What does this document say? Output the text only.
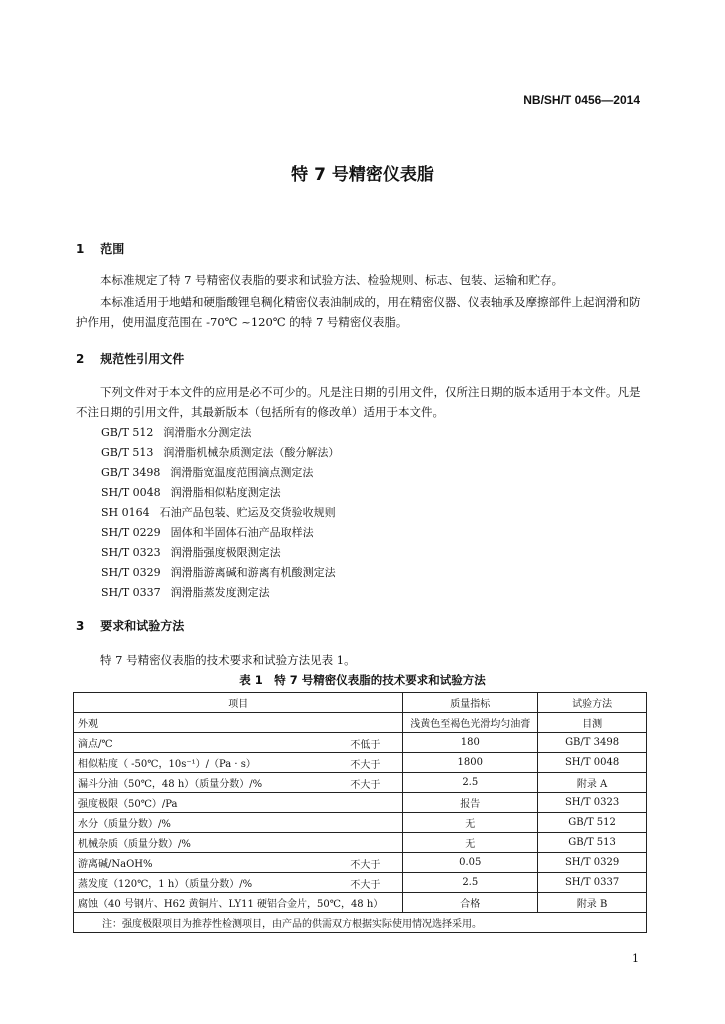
NB/SH/T 0456—2014
特 7 号精密仪表脂
1 范围
本标准规定了特 7 号精密仪表脂的要求和试验方法、检验规则、标志、包装、运输和贮存。
本标准适用于地蜡和硬脂酸锂皂稠化精密仪表油制成的，用在精密仪器、仪表轴承及摩擦部件上起润滑和防护作用，使用温度范围在 -70℃ ~120℃ 的特 7 号精密仪表脂。
2 规范性引用文件
下列文件对于本文件的应用是必不可少的。凡是注日期的引用文件，仅所注日期的版本适用于本文件。凡是不注日期的引用文件，其最新版本（包括所有的修改单）适用于本文件。
GB/T 512 润滑脂水分测定法
GB/T 513 润滑脂机械杂质测定法（酸分解法）
GB/T 3498 润滑脂宽温度范围滴点测定法
SH/T 0048 润滑脂相似粘度测定法
SH 0164 石油产品包装、贮运及交货验收规则
SH/T 0229 固体和半固体石油产品取样法
SH/T 0323 润滑脂强度极限测定法
SH/T 0329 润滑脂游离碱和游离有机酸测定法
SH/T 0337 润滑脂蒸发度测定法
3 要求和试验方法
特 7 号精密仪表脂的技术要求和试验方法见表 1。
表 1　特 7 号精密仪表脂的技术要求和试验方法
项目	质量指标	试验方法
外观	浅黄色至褐色光滑均匀油膏	目测
滴点/℃ 不低于	180	GB/T 3498
相似粘度（ -50℃，10s⁻¹）/（Pa · s） 不大于	1800	SH/T 0048
漏斗分油（50℃，48 h）（质量分数）/% 不大于	2.5	附录 A
强度极限（50℃）/Pa	报告	SH/T 0323
水分（质量分数）/%	无	GB/T 512
机械杂质（质量分数）/%	无	GB/T 513
游离碱/NaOH% 不大于	0.05	SH/T 0329
蒸发度（120℃，1 h）（质量分数）/% 不大于	2.5	SH/T 0337
腐蚀（40 号钢片、H62 黄铜片、LY11 硬铝合金片，50℃，48 h）	合格	附录 B
注：强度极限项目为推荐性检测项目，由产品的供需双方根据实际使用情况选择采用。		
1
